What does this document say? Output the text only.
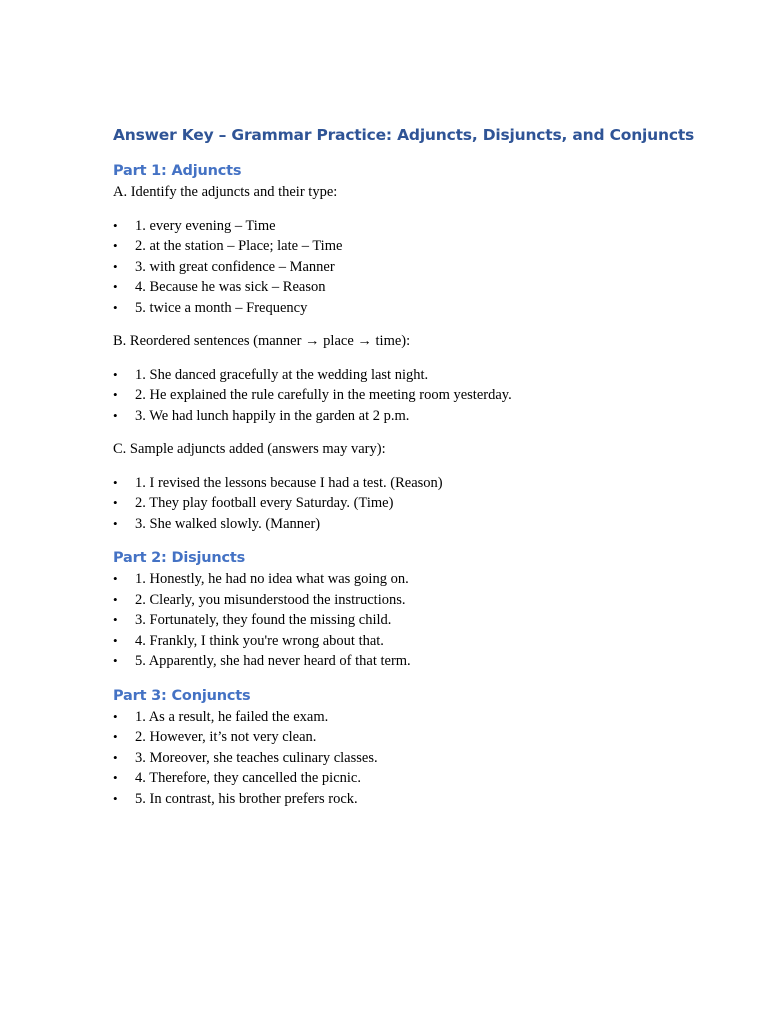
Answer Key – Grammar Practice: Adjuncts, Disjuncts, and Conjuncts
Part 1: Adjuncts

A. Identify the adjuncts and their type:

• 1. every evening – Time
• 2. at the station – Place; late – Time
• 3. with great confidence – Manner
• 4. Because he was sick – Reason
• 5. twice a month – Frequency

B. Reordered sentences (manner → place → time):

• 1. She danced gracefully at the wedding last night.
• 2. He explained the rule carefully in the meeting room yesterday.
• 3. We had lunch happily in the garden at 2 p.m.

C. Sample adjuncts added (answers may vary):

• 1. I revised the lessons because I had a test. (Reason)
• 2. They play football every Saturday. (Time)
• 3. She walked slowly. (Manner)
Part 2: Disjuncts
• 1. Honestly, he had no idea what was going on.
• 2. Clearly, you misunderstood the instructions.
• 3. Fortunately, they found the missing child.
• 4. Frankly, I think you're wrong about that.
• 5. Apparently, she had never heard of that term.
Part 3: Conjuncts
• 1. As a result, he failed the exam.
• 2. However, it’s not very clean.
• 3. Moreover, she teaches culinary classes.
• 4. Therefore, they cancelled the picnic.
• 5. In contrast, his brother prefers rock.
